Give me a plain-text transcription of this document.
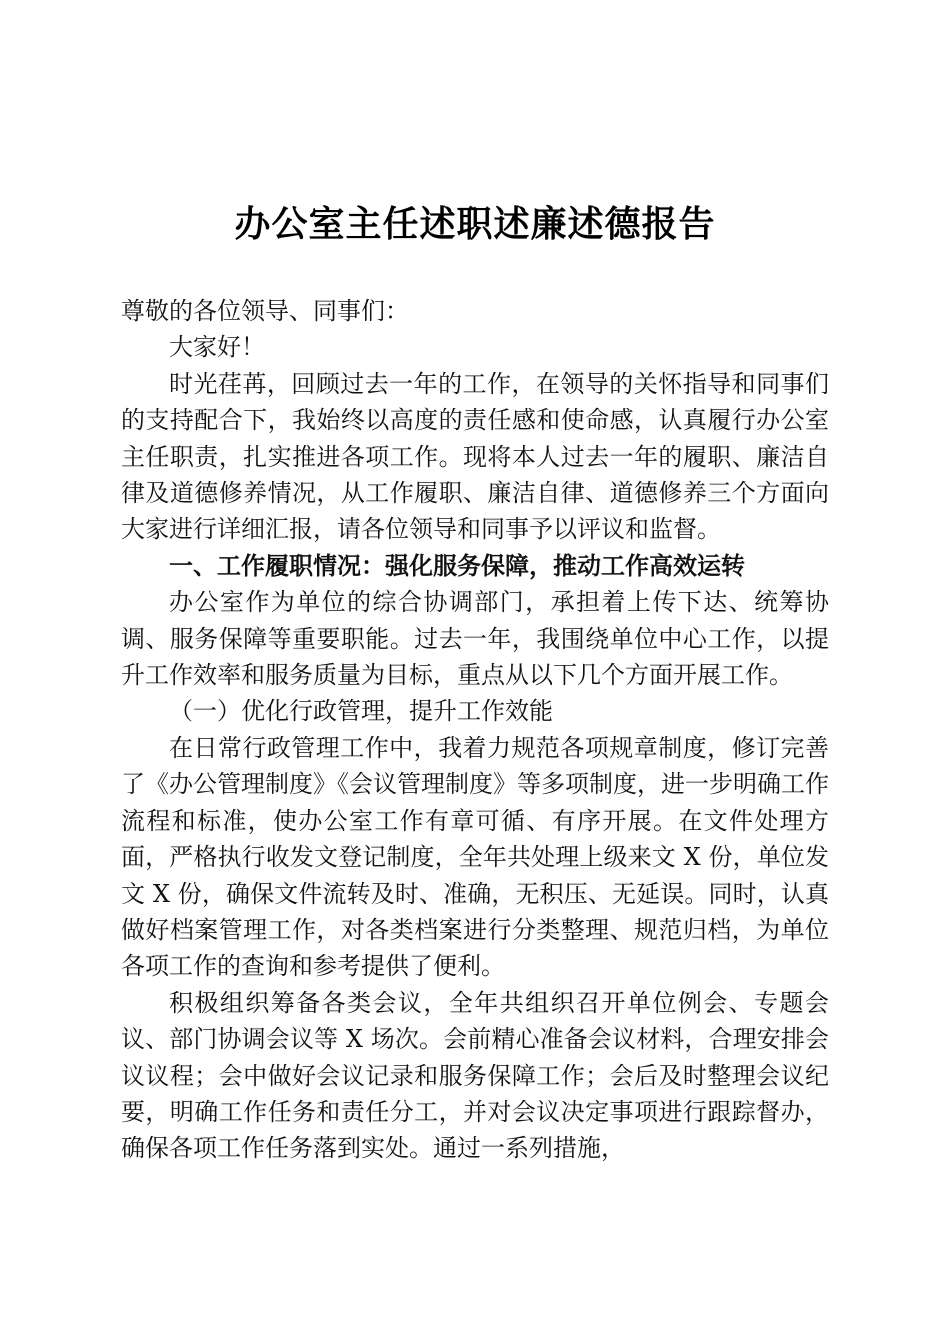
办公室主任述职述廉述德报告

尊敬的各位领导、同事们：

大家好！

时光荏苒，回顾过去一年的工作，在领导的关怀指导和同事们的支持配合下，我始终以高度的责任感和使命感，认真履行办公室主任职责，扎实推进各项工作。现将本人过去一年的履职、廉洁自律及道德修养情况，从工作履职、廉洁自律、道德修养三个方面向大家进行详细汇报，请各位领导和同事予以评议和监督。

一、工作履职情况：强化服务保障，推动工作高效运转

办公室作为单位的综合协调部门，承担着上传下达、统筹协调、服务保障等重要职能。过去一年，我围绕单位中心工作，以提升工作效率和服务质量为目标，重点从以下几个方面开展工作。

（一）优化行政管理，提升工作效能

在日常行政管理工作中，我着力规范各项规章制度，修订完善了《办公管理制度》《会议管理制度》等多项制度，进一步明确工作流程和标准，使办公室工作有章可循、有序开展。在文件处理方面，严格执行收发文登记制度，全年共处理上级来文 X 份，单位发文 X 份，确保文件流转及时、准确，无积压、无延误。同时，认真做好档案管理工作，对各类档案进行分类整理、规范归档，为单位各项工作的查询和参考提供了便利。

积极组织筹备各类会议，全年共组织召开单位例会、专题会议、部门协调会议等 X 场次。会前精心准备会议材料，合理安排会议议程；会中做好会议记录和服务保障工作；会后及时整理会议纪要，明确工作任务和责任分工，并对会议决定事项进行跟踪督办，确保各项工作任务落到实处。通过一系列措施，
